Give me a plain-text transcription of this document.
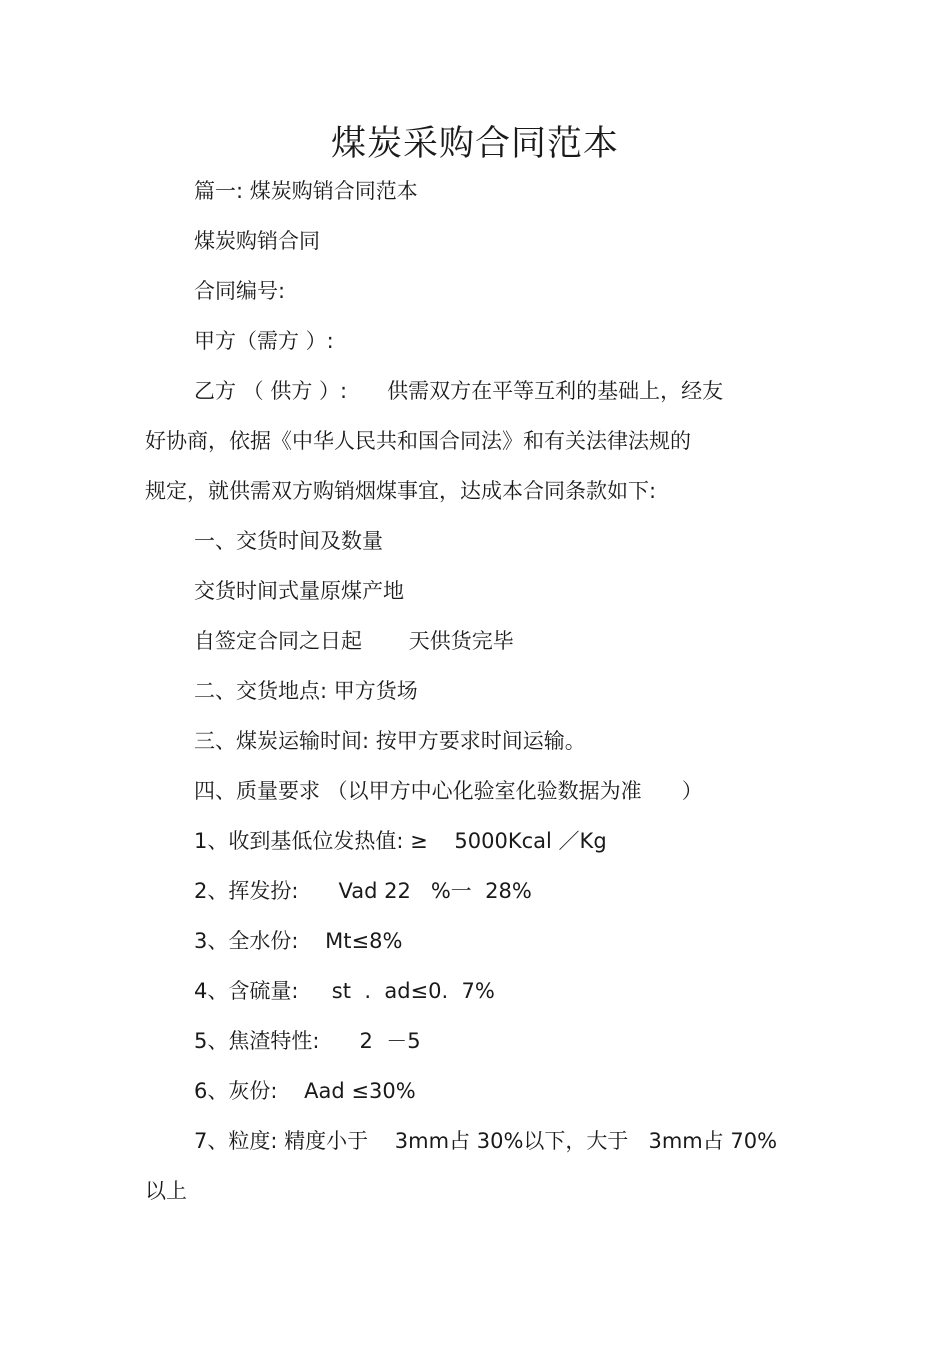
煤炭采购合同范本
篇一: 煤炭购销合同范本
煤炭购销合同
合同编号:
甲方（需方 ）:
乙方 （ 供方 ）:      供需双方在平等互利的基础上，经友
好协商，依据《中华人民共和国合同法》和有关法律法规的
规定，就供需双方购销烟煤事宜，达成本合同条款如下:
一、交货时间及数量
交货时间式量原煤产地
自签定合同之日起       天供货完毕
二、交货地点: 甲方货场
三、煤炭运输时间: 按甲方要求时间运输。
四、质量要求 （以甲方中心化验室化验数据为准      ）
1、收到基低位发热值: ≥    5000Kcal ／Kg
2、挥发扮:      Vad 22   %一  28%
3、全水份:    Mt≤8%
4、含硫量:     st  .  ad≤0.  7%
5、焦渣特性:      2  －5
6、灰份:    Aad ≤30%
7、粒度: 精度小于    3mm占 30%以下，大于   3mm占 70%
以上
